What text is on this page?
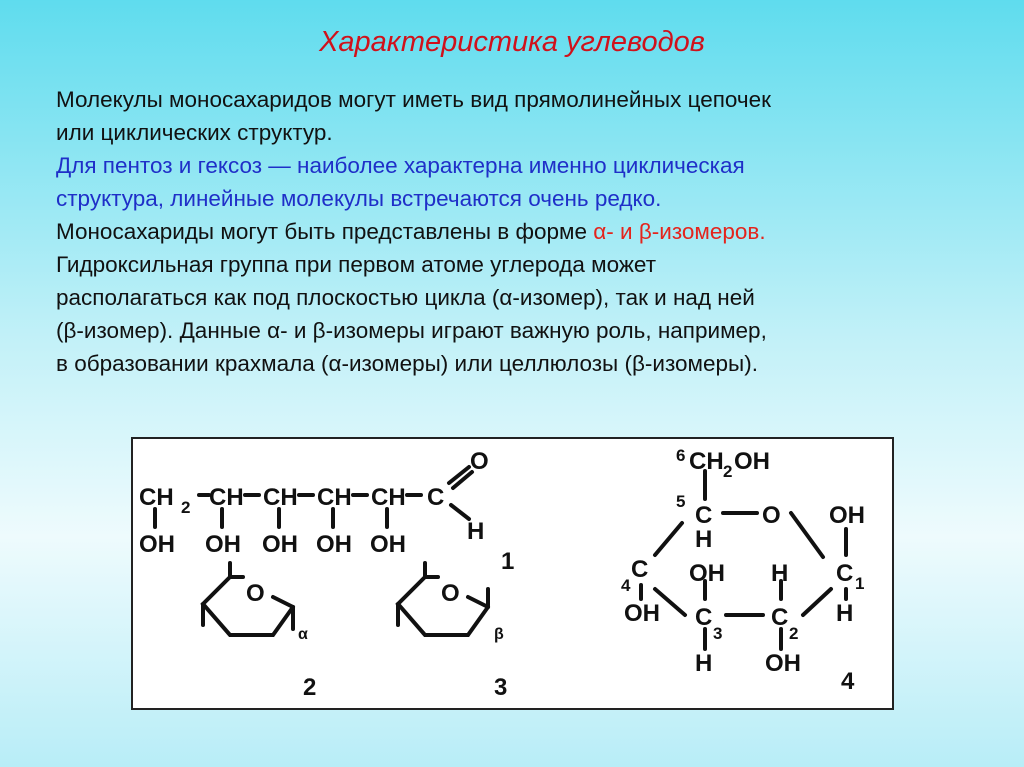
Характеристика углеводов
Молекулы моносахаридов могут иметь вид прямолинейных цепочек
или циклических структур.
Для пентоз и гексоз — наиболее характерна именно циклическая
структура, линейные молекулы встречаются очень редко.
Моносахариды могут быть представлены в форме α- и β-изомеров.
Гидроксильная группа при первом атоме углерода может
располагаться как под плоскостью цикла (α-изомер), так и над ней
(β-изомер). Данные α- и β-изомеры играют важную роль, например,
в образовании крахмала (α-изомеры) или целлюлозы (β-изомеры).
CH 2 CH CH CH CH C
O
H
OH OH OH OH OH
1
O
α
2
O
β
3
6 CH 2 OH
5
C
H
O OH
C 1
H
C
4
OH
OH
C
3
H
H
C
2
OH
4
